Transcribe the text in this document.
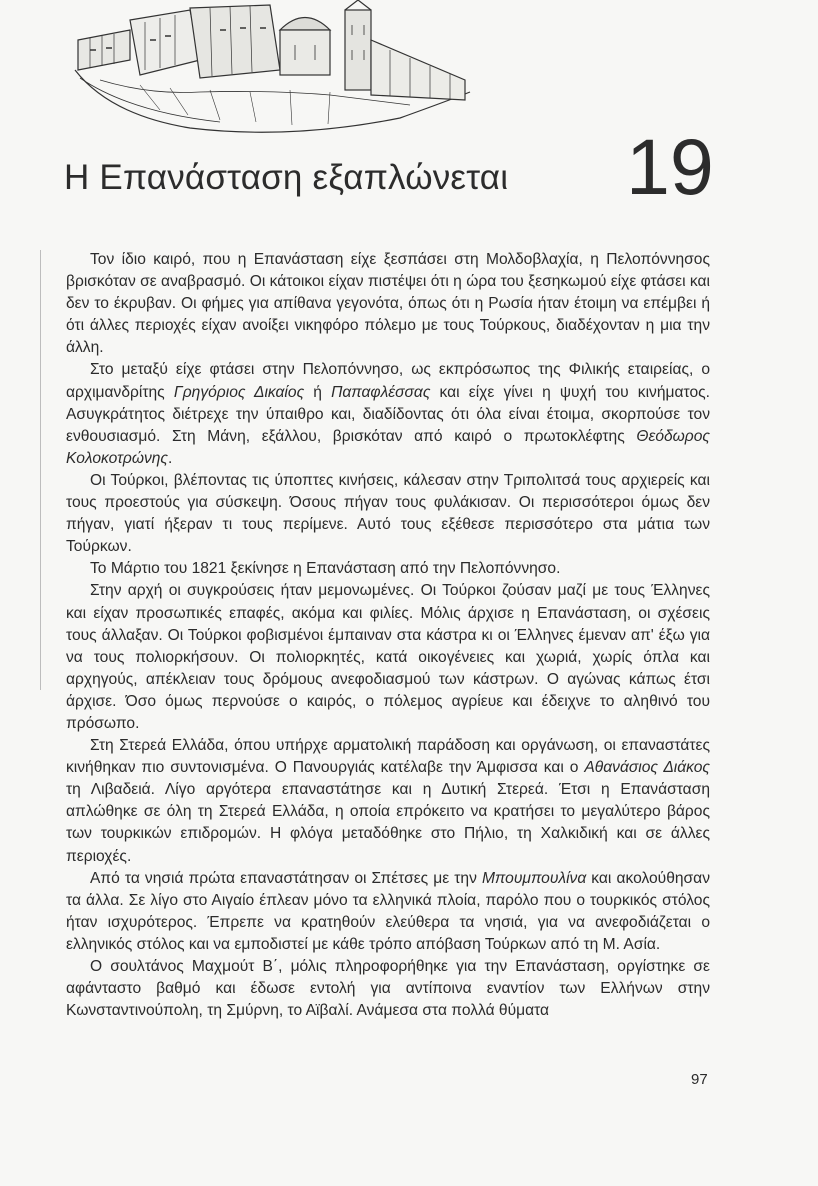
Η Επανάσταση εξαπλώνεται 19

Τον ίδιο καιρό, που η Επανάσταση είχε ξεσπάσει στη Μολδοβλαχία, η Πελοπόννησος βρισκόταν σε αναβρασμό. Οι κάτοικοι είχαν πιστέψει ότι η ώρα του ξεσηκωμού είχε φτάσει και δεν το έκρυβαν. Οι φήμες για απίθανα γεγονότα, όπως ότι η Ρωσία ήταν έτοιμη να επέμβει ή ότι άλλες περιοχές είχαν ανοίξει νικηφόρο πόλεμο με τους Τούρκους, διαδέχονταν η μια την άλλη.

Στο μεταξύ είχε φτάσει στην Πελοπόννησο, ως εκπρόσωπος της Φιλικής εταιρείας, ο αρχιμανδρίτης Γρηγόριος Δικαίος ή Παπαφλέσσας και είχε γίνει η ψυχή του κινήματος. Ασυγκράτητος διέτρεχε την ύπαιθρο και, διαδίδοντας ότι όλα είναι έτοιμα, σκορπούσε τον ενθουσιασμό. Στη Μάνη, εξάλλου, βρισκόταν από καιρό ο πρωτοκλέφτης Θεόδωρος Κολοκοτρώνης.

Οι Τούρκοι, βλέποντας τις ύποπτες κινήσεις, κάλεσαν στην Τριπολιτσά τους αρχιερείς και τους προεστούς για σύσκεψη. Όσους πήγαν τους φυλάκισαν. Οι περισσότεροι όμως δεν πήγαν, γιατί ήξεραν τι τους περίμενε. Αυτό τους εξέθεσε περισσότερο στα μάτια των Τούρκων.

Το Μάρτιο του 1821 ξεκίνησε η Επανάσταση από την Πελοπόννησο.

Στην αρχή οι συγκρούσεις ήταν μεμονωμένες. Οι Τούρκοι ζούσαν μαζί με τους Έλληνες και είχαν προσωπικές επαφές, ακόμα και φιλίες. Μόλις άρχισε η Επανάσταση, οι σχέσεις τους άλλαξαν. Οι Τούρκοι φοβισμένοι έμπαιναν στα κάστρα κι οι Έλληνες έμεναν απ' έξω για να τους πολιορκήσουν. Οι πολιορκητές, κατά οικογένειες και χωριά, χωρίς όπλα και αρχηγούς, απέκλειαν τους δρόμους ανεφοδιασμού των κάστρων. Ο αγώνας κάπως έτσι άρχισε. Όσο όμως περνούσε ο καιρός, ο πόλεμος αγρίευε και έδειχνε το αληθινό του πρόσωπο.

Στη Στερεά Ελλάδα, όπου υπήρχε αρματολική παράδοση και οργάνωση, οι επαναστάτες κινήθηκαν πιο συντονισμένα. Ο Πανουργιάς κατέλαβε την Άμφισσα και ο Αθανάσιος Διάκος τη Λιβαδειά. Λίγο αργότερα επαναστάτησε και η Δυτική Στερεά. Έτσι η Επανάσταση απλώθηκε σε όλη τη Στερεά Ελλάδα, η οποία επρόκειτο να κρατήσει το μεγαλύτερο βάρος των τουρκικών επιδρομών. Η φλόγα μεταδόθηκε στο Πήλιο, τη Χαλκιδική και σε άλλες περιοχές.

Από τα νησιά πρώτα επαναστάτησαν οι Σπέτσες με την Μπουμπουλίνα και ακολούθησαν τα άλλα. Σε λίγο στο Αιγαίο έπλεαν μόνο τα ελληνικά πλοία, παρόλο που ο τουρκικός στόλος ήταν ισχυρότερος. Έπρεπε να κρατηθούν ελεύθερα τα νησιά, για να ανεφοδιάζεται ο ελληνικός στόλος και να εμποδιστεί με κάθε τρόπο απόβαση Τούρκων από τη Μ. Ασία.

Ο σουλτάνος Μαχμούτ Β΄, μόλις πληροφορήθηκε για την Επανάσταση, οργίστηκε σε αφάνταστο βαθμό και έδωσε εντολή για αντίποινα εναντίον των Ελλήνων στην Κωνσταντινούπολη, τη Σμύρνη, το Αϊβαλί. Ανάμεσα στα πολλά θύματα

97
